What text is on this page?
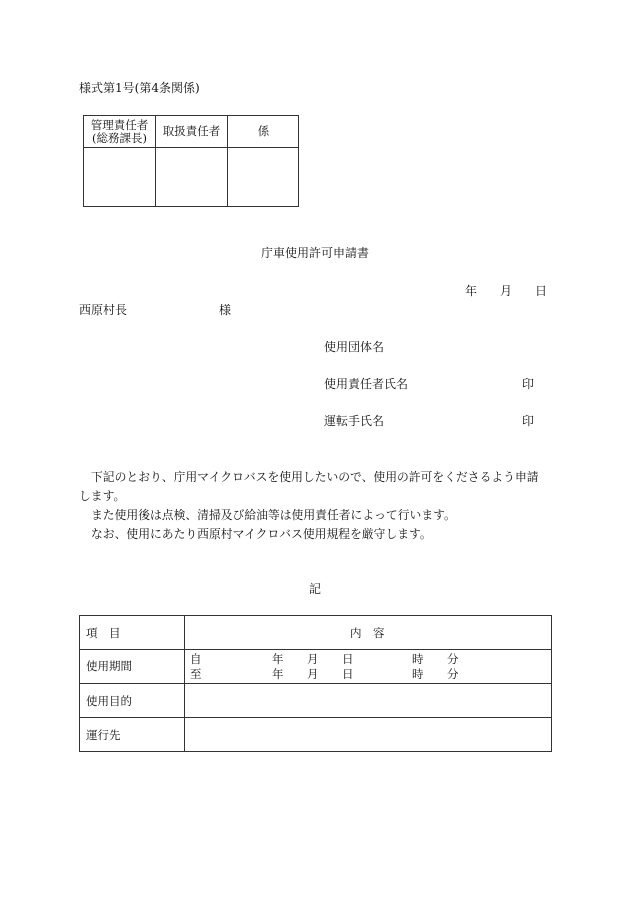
様式第1号(第4条関係)
管理責任者
(総務課長)	取扱責任者	係
庁車使用許可申請書
年 月 日
西原村長	様
使用団体名
使用責任者氏名	印
運転手氏名	印
下記のとおり、庁用マイクロバスを使用したいので、使用の許可をくださるよう申請します。
また使用後は点検、清掃及び給油等は使用責任者によって行います。
なお、使用にあたり西原村マイクロバス使用規程を厳守します。
記
項　目	内　容
使用期間	自	年 月 日	時 分
至	年 月 日	時 分
使用目的
運行先
